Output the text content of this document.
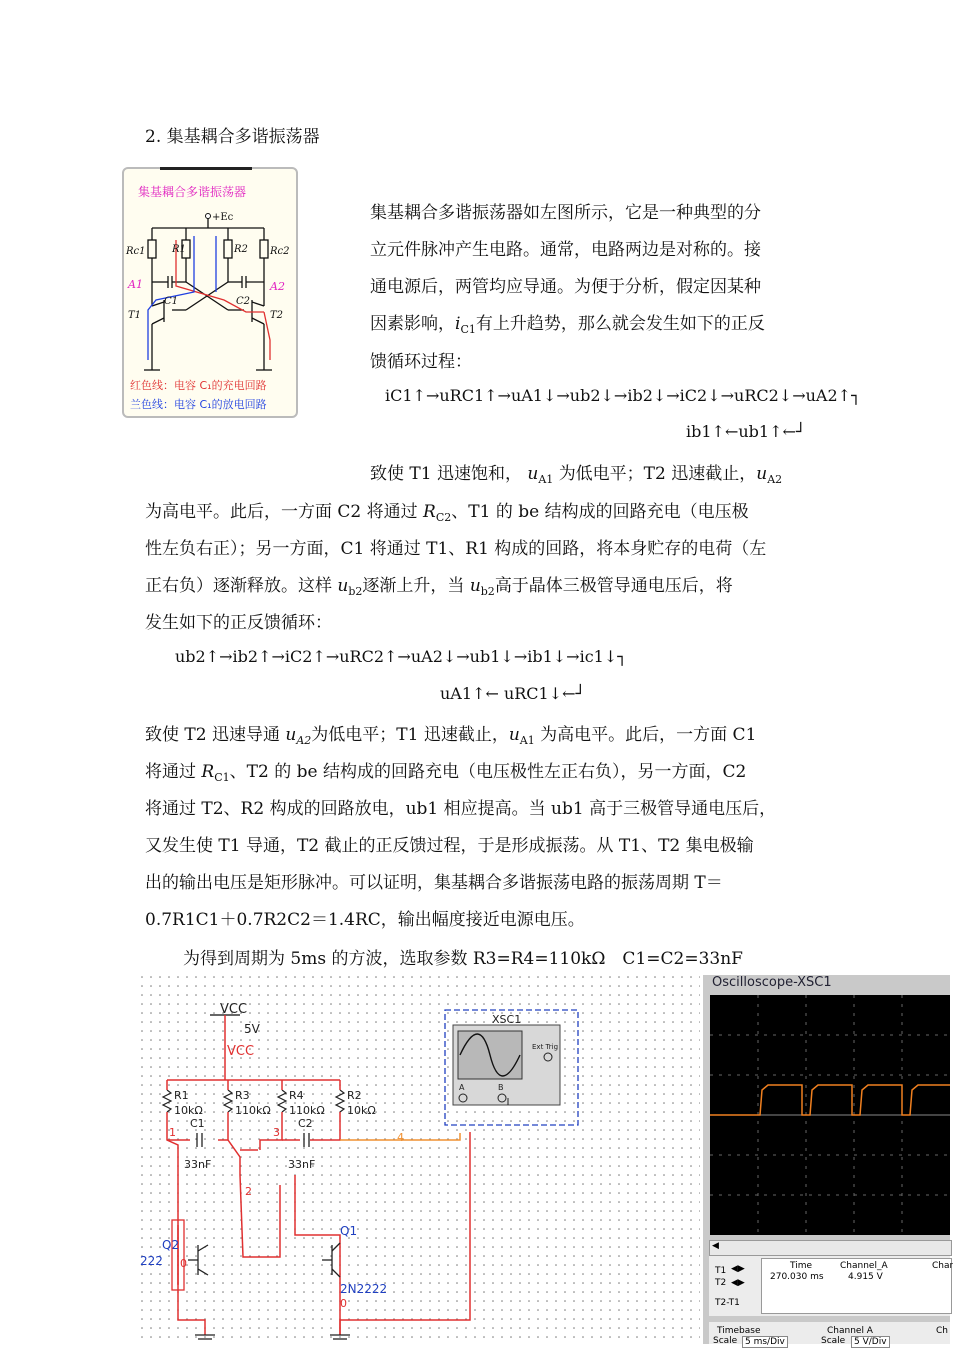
2. 集基耦合多谐振荡器
集基耦合多谐振荡器
+Ec
Rc1	R1	R2 Rc2
A1	A2
C1	C2
T1	T2
红色线：电容 C₁的充电回路
兰色线：电容 C₁的放电回路
集基耦合多谐振荡器如左图所示，它是一种典型的分
立元件脉冲产生电路。通常，电路两边是对称的。接
通电源后，两管均应导通。为便于分析，假定因某种
因素影响，$i_{C1}$有上升趋势，那么就会发生如下的正反
馈循环过程：
iC1↑→uRC1↑→uA1↓→ub2↓→ib2↓→iC2↓→uRC2↓→uA2↑┐
ib1↑←ub1↑←┘
致使 T1 迅速饱和， $u_{A1}$ 为低电平；T2 迅速截止，$u_{A2}$
为高电平。此后，一方面 C2 将通过 $R_{C2}$、T1 的 be 结构成的回路充电（电压极
性左负右正）；另一方面，C1 将通过 T1、R1 构成的回路，将本身贮存的电荷（左
正右负）逐渐释放。这样 $u_{b2}$逐渐上升，当 $u_{b2}$高于晶体三极管导通电压后，将
发生如下的正反馈循环：
ub2↑→ib2↑→iC2↑→uRC2↑→uA2↓→ub1↓→ib1↓→ic1↓┐
uA1↑← uRC1↓←┘
致使 T2 迅速导通 $u_{A2}$为低电平；T1 迅速截止，$u_{A1}$ 为高电平。此后，一方面 C1
将通过 $R_{C1}$、T2 的 be 结构成的回路充电（电压极性左正右负），另一方面，C2
将通过 T2、R2 构成的回路放电，ub1 相应提高。当 ub1 高于三极管导通电压后，
又发生使 T1 导通，T2 截止的正反馈过程，于是形成振荡。从 T1、T2 集电极输
出的输出电压是矩形脉冲。可以证明，集基耦合多谐振荡电路的振荡周期 T＝
0.7R1C1＋0.7R2C2＝1.4RC，输出幅度接近电源电压。
为得到周期为 5ms 的方波，选取参数 R3=R4=110kΩ　C1=C2=33nF
VCC
5V
VCC
R1
10kΩ
R3
110kΩ
R4
110kΩ
R2
10kΩ
C1
33nF
C2
33nF
1
2
3	4
0
0
Q2
222
Q1
2N2222
XSC1
Ext Trig
A	B
Oscilloscope-XSC1
◀
T1
T2
T2-T1
◀▶
◀▶
Time	Channel_A	Char
270.030 ms	4.915 V
Timebase	Channel A	Ch
Scale 5 ms/Div	Scale 5 V/Div
